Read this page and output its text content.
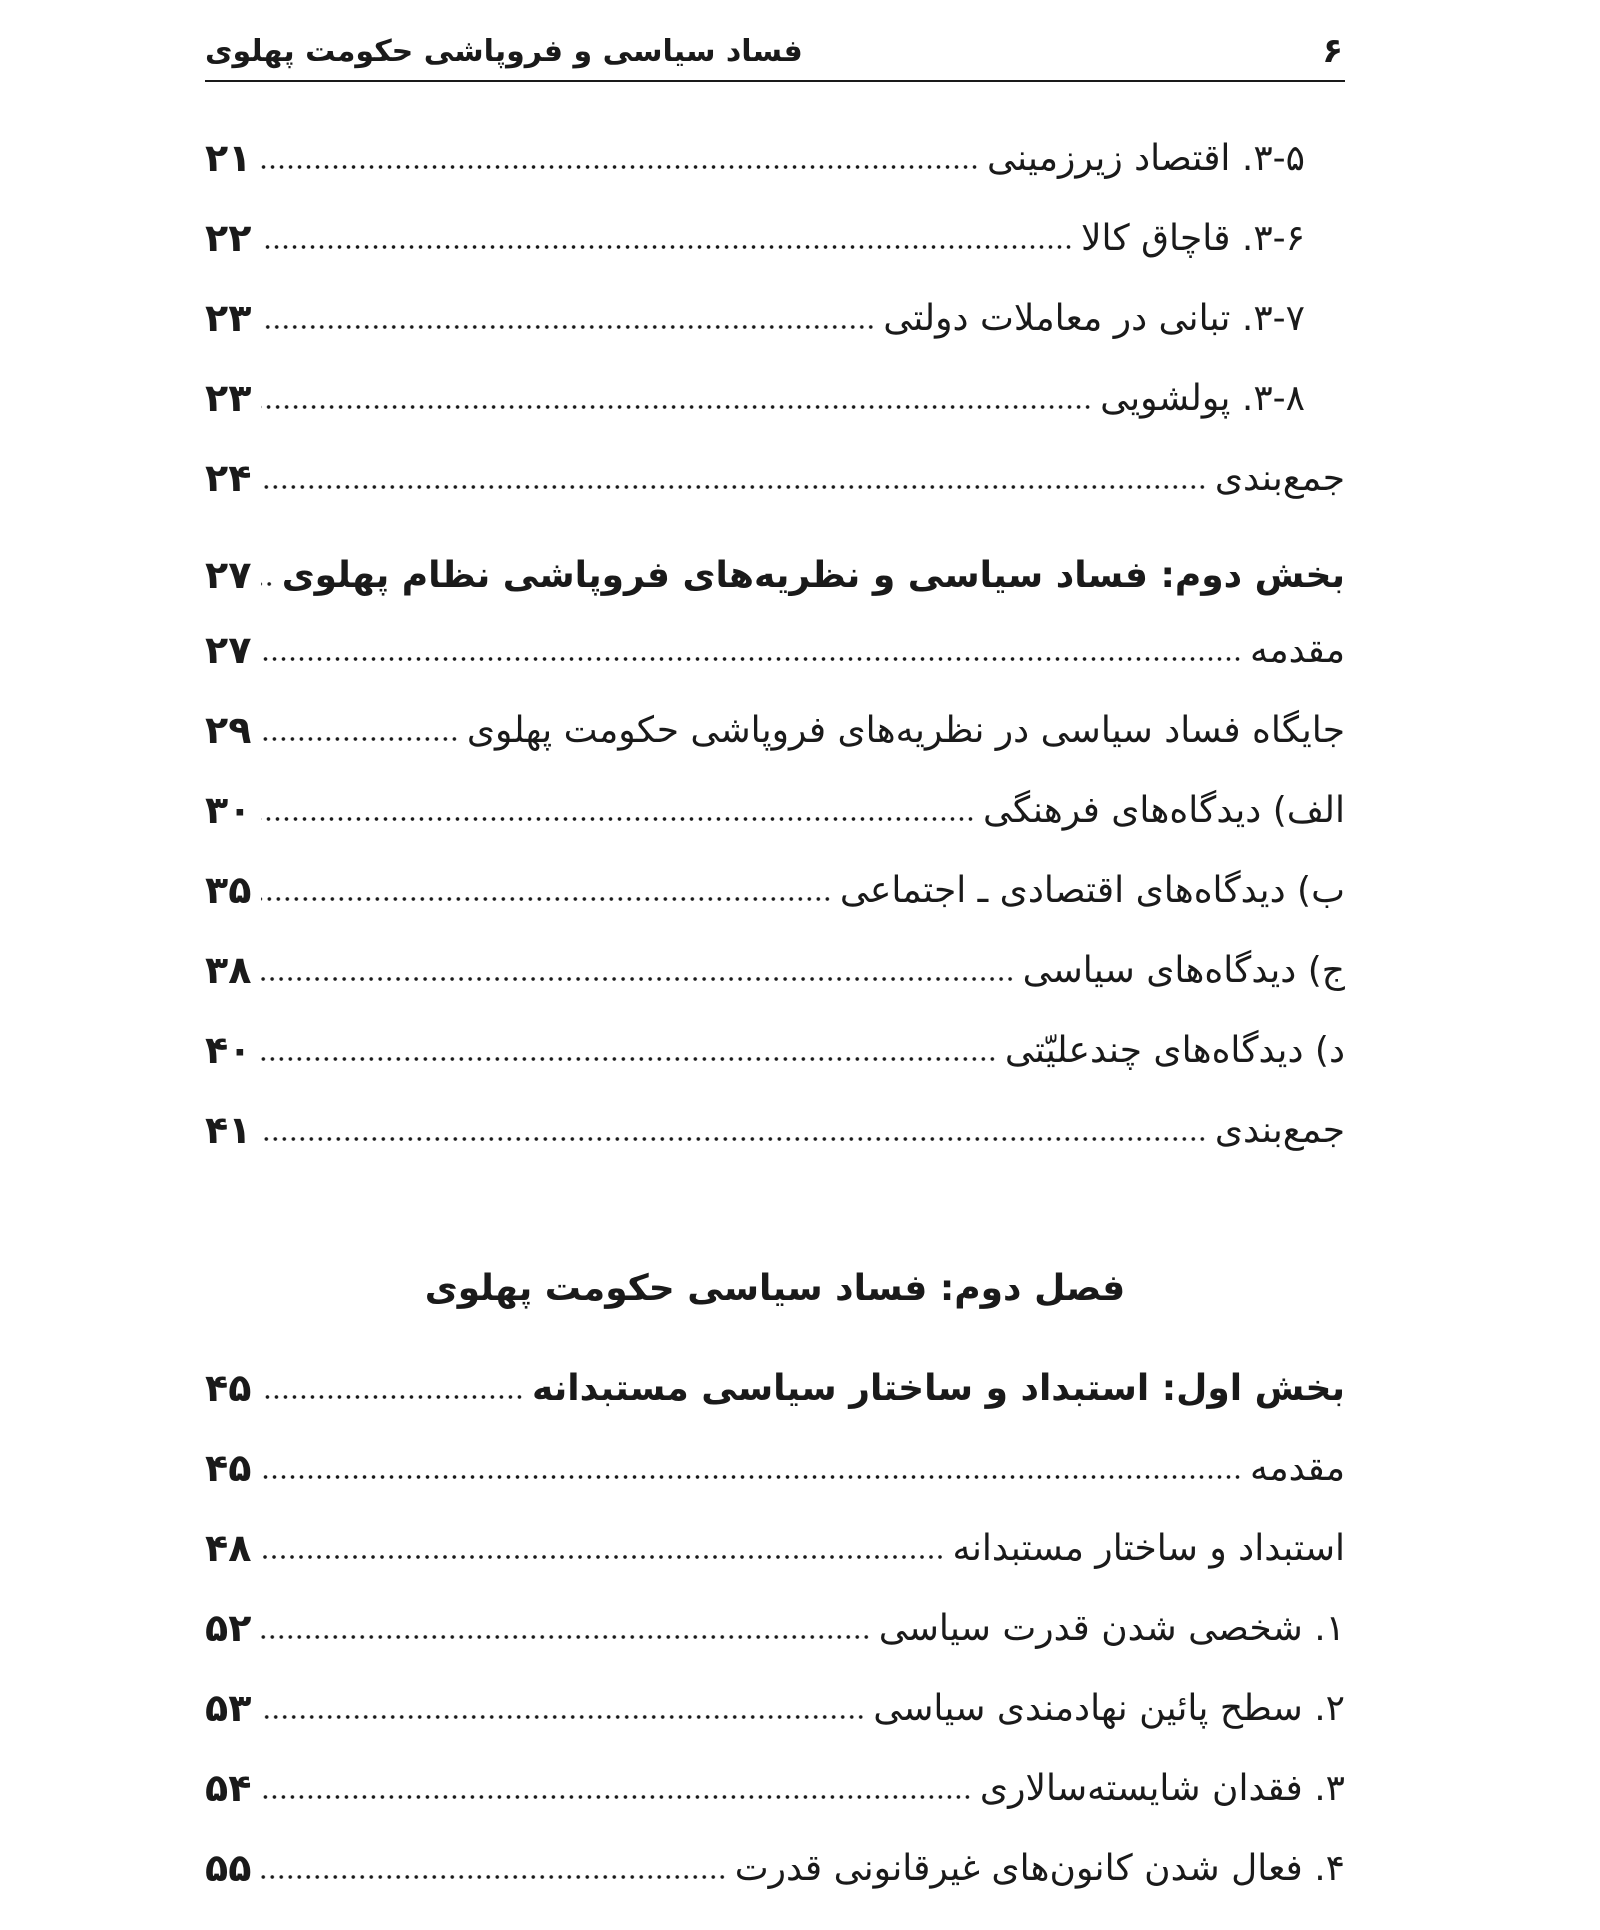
۶
فساد سیاسی و فروپاشی حکومت پهلوی
۳-۵. اقتصاد زیرزمینی
۲۱
۳-۶. قاچاق کالا
۲۲
۳-۷. تبانی در معاملات دولتی
۲۳
۳-۸. پولشویی
۲۳
جمع‌بندی
۲۴
بخش دوم: فساد سیاسی و نظریه‌های فروپاشی نظام پهلوی
۲۷
مقدمه
۲۷
جایگاه فساد سیاسی در نظریه‌های فروپاشی حکومت پهلوی
۲۹
الف) دیدگاه‌های فرهنگی
۳۰
ب) دیدگاه‌های اقتصادی ـ اجتماعی
۳۵
ج) دیدگاه‌های سیاسی
۳۸
د) دیدگاه‌های چندعلیّتی
۴۰
جمع‌بندی
۴۱
بخش اول: استبداد و ساختار سیاسی مستبدانه
۴۵
مقدمه
۴۵
استبداد و ساختار مستبدانه
۴۸
۱. شخصی شدن قدرت سیاسی
۵۲
۲. سطح پائین نهادمندی سیاسی
۵۳
۳. فقدان شایسته‌سالاری
۵۴
۴. فعال شدن کانون‌های غیرقانونی قدرت
۵۵
فصل دوم: فساد سیاسی حکومت پهلوی
